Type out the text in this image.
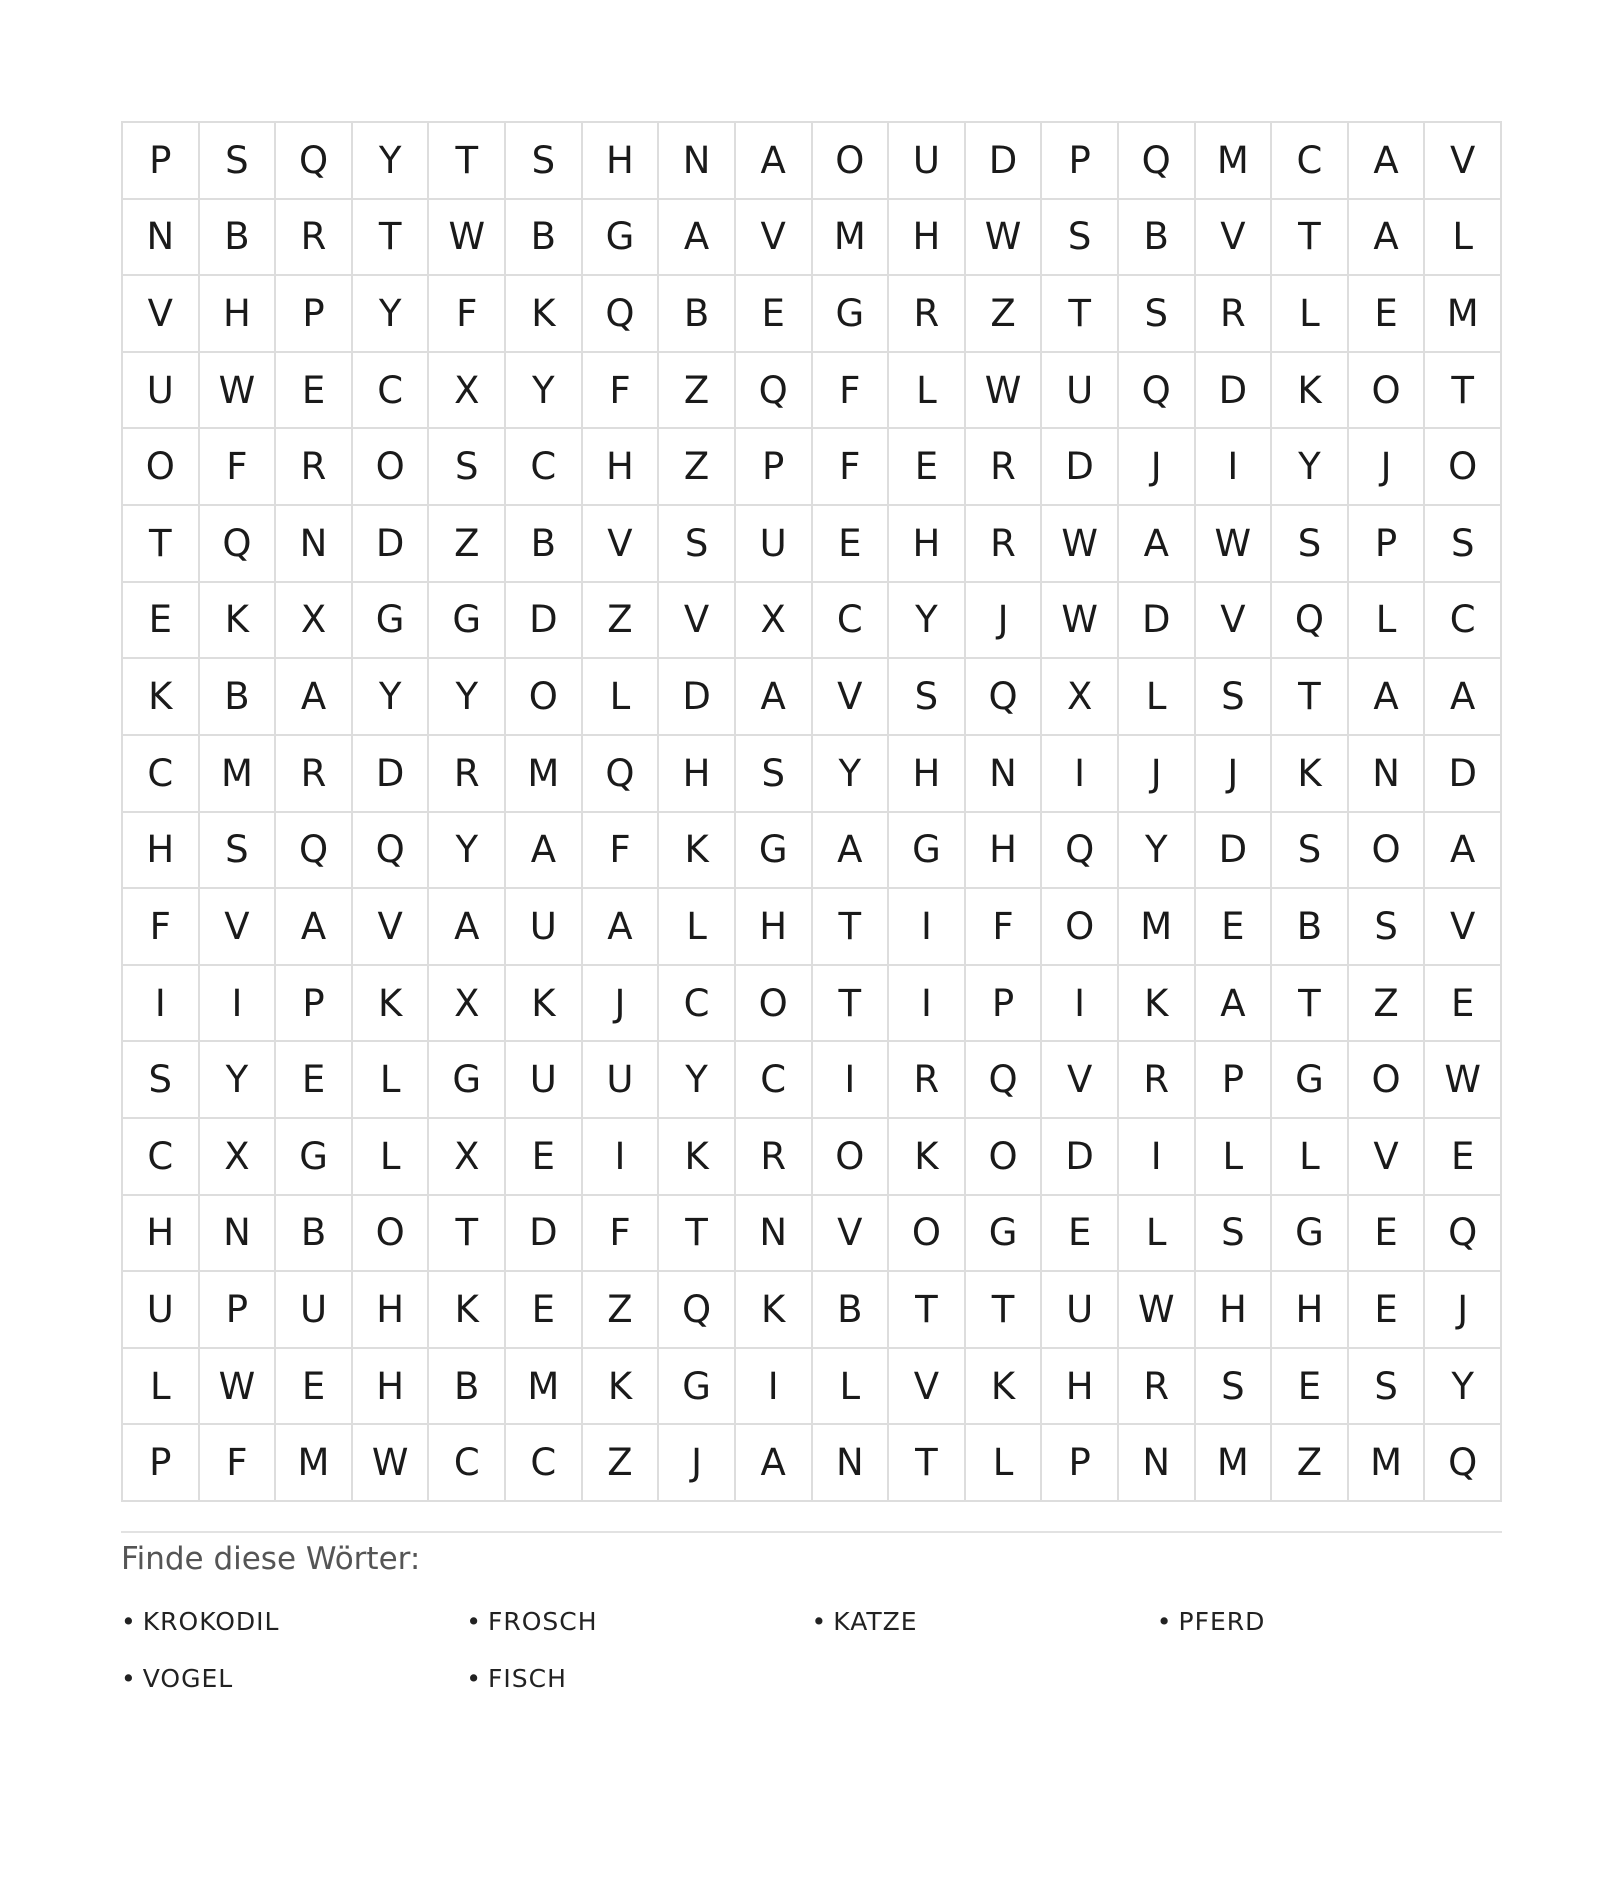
P	S	Q	Y	T	S	H	N	A	O	U	D	P	Q	M	C	A	V
N	B	R	T	W	B	G	A	V	M	H	W	S	B	V	T	A	L
V	H	P	Y	F	K	Q	B	E	G	R	Z	T	S	R	L	E	M
U	W	E	C	X	Y	F	Z	Q	F	L	W	U	Q	D	K	O	T
O	F	R	O	S	C	H	Z	P	F	E	R	D	J	I	Y	J	O
T	Q	N	D	Z	B	V	S	U	E	H	R	W	A	W	S	P	S
E	K	X	G	G	D	Z	V	X	C	Y	J	W	D	V	Q	L	C
K	B	A	Y	Y	O	L	D	A	V	S	Q	X	L	S	T	A	A
C	M	R	D	R	M	Q	H	S	Y	H	N	I	J	J	K	N	D
H	S	Q	Q	Y	A	F	K	G	A	G	H	Q	Y	D	S	O	A
F	V	A	V	A	U	A	L	H	T	I	F	O	M	E	B	S	V
I	I	P	K	X	K	J	C	O	T	I	P	I	K	A	T	Z	E
S	Y	E	L	G	U	U	Y	C	I	R	Q	V	R	P	G	O	W
C	X	G	L	X	E	I	K	R	O	K	O	D	I	L	L	V	E
H	N	B	O	T	D	F	T	N	V	O	G	E	L	S	G	E	Q
U	P	U	H	K	E	Z	Q	K	B	T	T	U	W	H	H	E	J
L	W	E	H	B	M	K	G	I	L	V	K	H	R	S	E	S	Y
P	F	M	W	C	C	Z	J	A	N	T	L	P	N	M	Z	M	Q
Finde diese Wörter:
• KROKODIL	• FROSCH	• KATZE	• PFERD
• VOGEL	• FISCH
